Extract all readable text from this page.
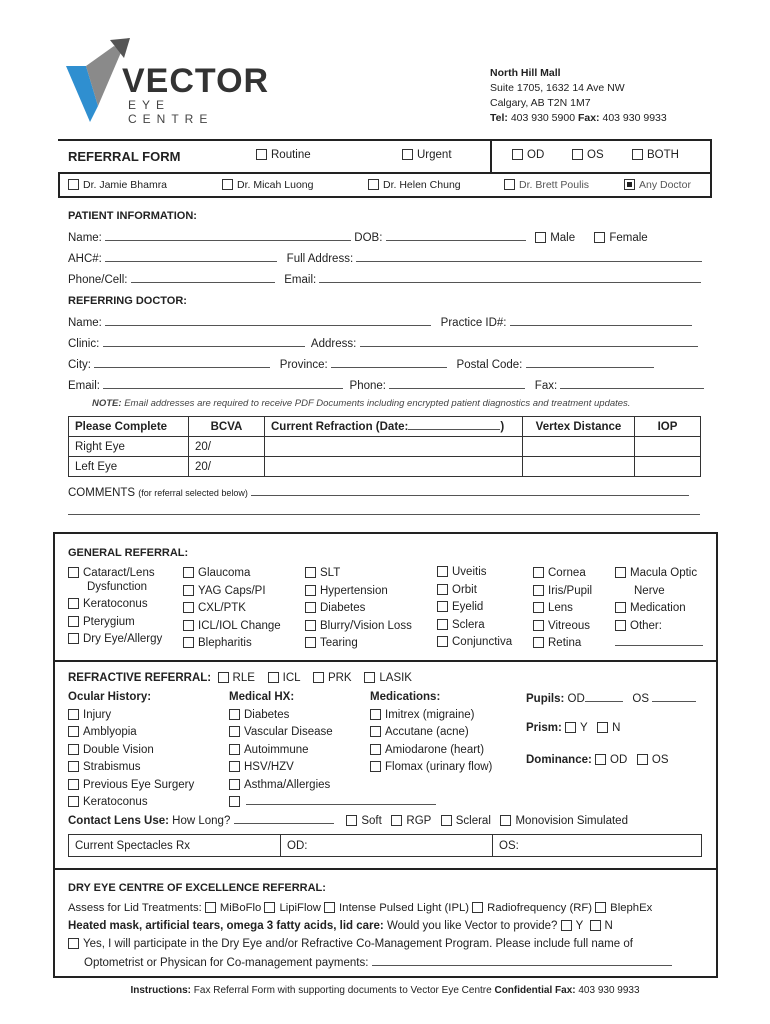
VECTOR
EYE CENTRE
North Hill Mall
Suite 1705, 1632 14 Ave NW
Calgary, AB T2N 1M7
Tel: 403 930 5900 Fax: 403 930 9933
REFERRAL FORM	Routine	Urgent	OD	OS	BOTH
Dr. Jamie Bhamra	Dr. Micah Luong	Dr. Helen Chung	Dr. Brett Poulis	Any Doctor
PATIENT INFORMATION:
Name:	DOB:	Male	Female
AHC#:	Full Address:
Phone/Cell:	Email:
REFERRING DOCTOR:
Name:	Practice ID#:
Clinic:	Address:
City:	Province:	Postal Code:
Email:	Phone:	Fax:
NOTE: Email addresses are required to receive PDF Documents including encrypted patient diagnostics and treatment updates.
Please Complete	BCVA	Current Refraction (Date: )	Vertex Distance	IOP
Right Eye	20/			
Left Eye	20/			
COMMENTS (for referral selected below)
GENERAL REFERRAL:
Cataract/Lens
Dysfunction
Keratoconus
Pterygium
Dry Eye/Allergy
Glaucoma
YAG Caps/PI
CXL/PTK
ICL/IOL Change
Blepharitis
SLT
Hypertension
Diabetes
Blurry/Vision Loss
Tearing
Uveitis
Orbit
Eyelid
Sclera
Conjunctiva
Cornea
Iris/Pupil
Lens
Vitreous
Retina
Macula Optic
Nerve
Medication
Other:
REFRACTIVE REFERRAL: RLE ICL PRK LASIK
Ocular History:
Injury
Amblyopia
Double Vision
Strabismus
Previous Eye Surgery
Keratoconus
Medical HX:
Diabetes
Vascular Disease
Autoimmune
HSV/HZV
Asthma/Allergies
Medications:
Imitrex (migraine)
Accutane (acne)
Amiodarone (heart)
Flomax (urinary flow)
Pupils: OD	OS
Prism: Y N
Dominance: OD OS
Contact Lens Use: How Long?	Soft RGP Scleral Monovision Simulated
Current Spectacles Rx	OD:	OS:
DRY EYE CENTRE OF EXCELLENCE REFERRAL:
Assess for Lid Treatments: MiBoFlo LipiFlow Intense Pulsed Light (IPL) Radiofrequency (RF) BlephEx
Heated mask, artificial tears, omega 3 fatty acids, lid care: Would you like Vector to provide? Y N
Yes, I will participate in the Dry Eye and/or Refractive Co-Management Program. Please include full name of
Optometrist or Physican for Co-management payments:
Instructions: Fax Referral Form with supporting documents to Vector Eye Centre Confidential Fax: 403 930 9933
